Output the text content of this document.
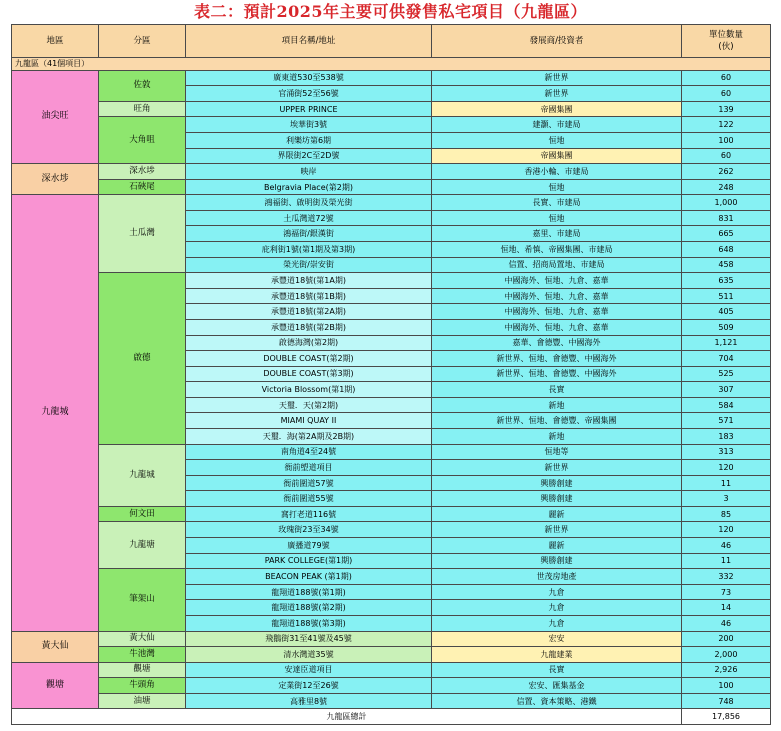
表二：預計2025年主要可供發售私宅項目（九龍區）
地區	分區	項目名稱/地址	發展商/投資者	單位數量
(伙)
九龍區（41個項目）				
油尖旺	佐敦	廣東道530至538號	新世界	60
		官涌街52至56號	新世界	60
	旺角	UPPER PRINCE	帝國集團	139
	大角咀	埃華街3號	建灝、市建局	122
		利樂坊第6期	恒地	100
		界限街2C至2D號	帝國集團	60
深水埗	深水埗	映岸	香港小輪、市建局	262
	石硤尾	Belgravia Place(第2期)	恒地	248
九龍城	土瓜灣	鴻福街、啟明街及榮光街	長實、市建局	1,000
		土瓜灣道72號	恒地	831
		鴻福街/銀漢街	嘉里、市建局	665
		庇利街1號(第1期及第3期)	恒地、希慎、帝國集團、市建局	648
		榮光街/崇安街	信置、招商局置地、市建局	458
	啟德	承豐道18號(第1A期)	中國海外、恒地、九倉、嘉華	635
		承豐道18號(第1B期)	中國海外、恒地、九倉、嘉華	511
		承豐道18號(第2A期)	中國海外、恒地、九倉、嘉華	405
		承豐道18號(第2B期)	中國海外、恒地、九倉、嘉華	509
		啟德海灣(第2期)	嘉華、會德豐、中國海外	1,121
		DOUBLE COAST(第2期)	新世界、恒地、會德豐、中國海外	704
		DOUBLE COAST(第3期)	新世界、恒地、會德豐、中國海外	525
		Victoria Blossom(第1期)	長實	307
		天璽．天(第2期)	新地	584
		MIAMI QUAY II	新世界、恒地、會德豐、帝國集團	571
		天璽．海(第2A期及2B期)	新地	183
	九龍城	南角道4至24號	恒地等	313
		衙前塱道項目	新世界	120
		衙前圍道57號	興勝創建	11
		衙前圍道55號	興勝創建	3
	何文田	窩打老道116號	麗新	85
	九龍塘	玫瑰街23至34號	新世界	120
		廣播道79號	麗新	46
		PARK COLLEGE(第1期)	興勝創建	11
	筆架山	BEACON PEAK (第1期)	世茂房地產	332
		龍翔道188號(第1期)	九倉	73
		龍翔道188號(第2期)	九倉	14
		龍翔道188號(第3期)	九倉	46
黃大仙	黃大仙	飛鵝街31至41號及45號	宏安	200
	牛池灣	清水灣道35號	九龍建業	2,000
觀塘	觀塘	安達臣道項目	長實	2,926
	牛頭角	定業街12至26號	宏安、匯集基金	100
	油塘	高雅里8號	信置、資本策略、港鐵	748
九龍區總計				17,856
